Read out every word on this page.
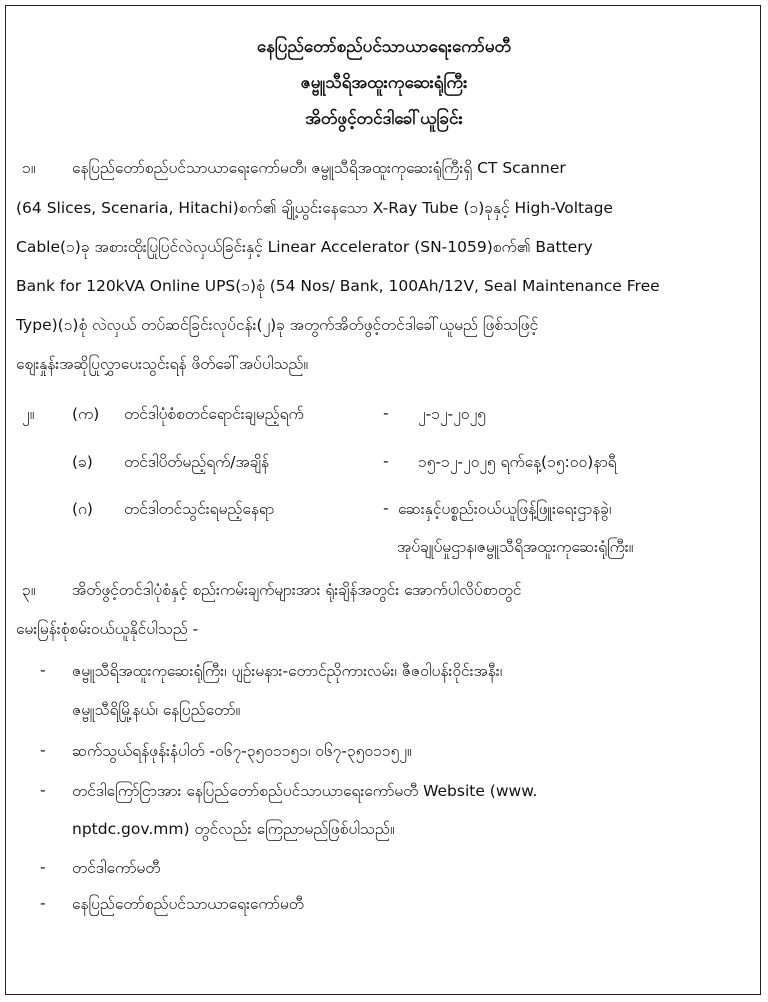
နေပြည်တော်စည်ပင်သာယာရေးကော်မတီ
ဇမ္ဗူသီရိအထူးကုဆေးရုံကြီး
အိတ်ဖွင့်တင်ဒါခေါ်ယူခြင်း
၁။ နေပြည်တော်စည်ပင်သာယာရေးကော်မတီ၊ ဇမ္ဗူသီရိအထူးကုဆေးရုံကြီးရှိ CT Scanner
(64 Slices, Scenaria, Hitachi)စက်၏ ချို့ယွင်းနေသော X-Ray Tube (၁)ခုနှင့် High-Voltage
Cable(၁)ခု အစားထိုးပြုပြင်လဲလှယ်ခြင်းနှင့် Linear Accelerator (SN-1059)စက်၏ Battery
Bank for 120kVA Online UPS(၁)စုံ (54 Nos/ Bank, 100Ah/12V, Seal Maintenance Free
Type)(၁)စုံ လဲလှယ် တပ်ဆင်ခြင်းလုပ်ငန်း(၂)ခု အတွက်အိတ်ဖွင့်တင်ဒါခေါ်ယူမည် ဖြစ်သဖြင့်
ဈေးနှုန်းအဆိုပြုလွှာပေးသွင်းရန် ဖိတ်ခေါ်အပ်ပါသည်။
၂။ (က) တင်ဒါပုံစံစတင်ရောင်းချမည့်ရက်	- ၂-၁၂-၂၀၂၅
(ခ) တင်ဒါပိတ်မည့်ရက်/အချိန်	- ၁၅-၁၂-၂၀၂၅ ရက်နေ့(၁၅:၀၀)နာရီ
(ဂ) တင်ဒါတင်သွင်းရမည့်နေရာ	- ဆေးနှင့်ပစ္စည်းဝယ်ယူဖြန့်ဖြူးရေးဌာနခွဲ၊
အုပ်ချုပ်မှုဌာန၊ဇမ္ဗူသီရိအထူးကုဆေးရုံကြီး။
၃။ အိတ်ဖွင့်တင်ဒါပုံစံနှင့် စည်းကမ်းချက်များအား ရုံးချိန်အတွင်း အောက်ပါလိပ်စာတွင်
မေးမြန်းစုံစမ်းဝယ်ယူနိုင်ပါသည် -
- ဇမ္ဗူသီရိအထူးကုဆေးရုံကြီး၊ ပျဉ်းမနား-တောင်ညိုကားလမ်း၊ ဇီဇဝါပန်းဝိုင်းအနီး၊
ဇမ္ဗူသီရိမြို့နယ်၊ နေပြည်တော်။
- ဆက်သွယ်ရန်ဖုန်းနံပါတ် -၀၆၇-၃၅၀၁၁၅၁၊ ၀၆၇-၃၅၀၁၁၅၂။
- တင်ဒါကြော်ငြာအား နေပြည်တော်စည်ပင်သာယာရေးကော်မတီ Website (www.
nptdc.gov.mm) တွင်လည်း ကြေညာမည်ဖြစ်ပါသည်။
- တင်ဒါကော်မတီ
- နေပြည်တော်စည်ပင်သာယာရေးကော်မတီ
